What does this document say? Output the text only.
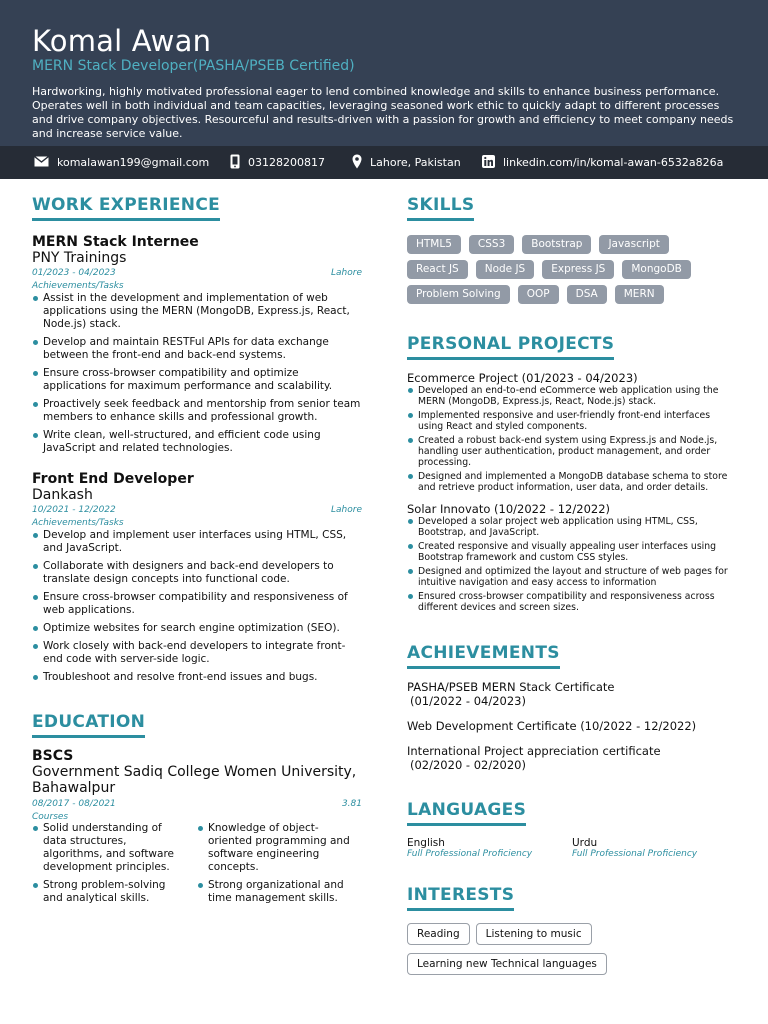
Komal Awan
MERN Stack Developer(PASHA/PSEB Certified)
Hardworking, highly motivated professional eager to lend combined knowledge and skills to enhance business performance. Operates well in both individual and team capacities, leveraging seasoned work ethic to quickly adapt to different processes and drive company objectives. Resourceful and results-driven with a passion for growth and efficiency to meet company needs and increase service value.
komalawan199@gmail.com	03128200817	Lahore, Pakistan	linkedin.com/in/komal-awan-6532a826a
WORK EXPERIENCE
MERN Stack Internee
PNY Trainings
01/2023 - 04/2023	Lahore
Achievements/Tasks
Assist in the development and implementation of web applications using the MERN (MongoDB, Express.js, React, Node.js) stack.
Develop and maintain RESTFul APIs for data exchange between the front-end and back-end systems.
Ensure cross-browser compatibility and optimize applications for maximum performance and scalability.
Proactively seek feedback and mentorship from senior team members to enhance skills and professional growth.
Write clean, well-structured, and efficient code using JavaScript and related technologies.
Front End Developer
Dankash
10/2021 - 12/2022	Lahore
Achievements/Tasks
Develop and implement user interfaces using HTML, CSS, and JavaScript.
Collaborate with designers and back-end developers to translate design concepts into functional code.
Ensure cross-browser compatibility and responsiveness of web applications.
Optimize websites for search engine optimization (SEO).
Work closely with back-end developers to integrate front-end code with server-side logic.
Troubleshoot and resolve front-end issues and bugs.
EDUCATION
BSCS
Government Sadiq College Women University, Bahawalpur
08/2017 - 08/2021	3.81
Courses
Solid understanding of data structures, algorithms, and software development principles.
Strong problem-solving and analytical skills.
Knowledge of object-oriented programming and software engineering concepts.
Strong organizational and time management skills.
SKILLS
HTML5	CSS3	Bootstrap	Javascript
React JS	Node JS	Express JS	MongoDB
Problem Solving	OOP	DSA	MERN
PERSONAL PROJECTS
Ecommerce Project (01/2023 - 04/2023)
Developed an end-to-end eCommerce web application using the MERN (MongoDB, Express.js, React, Node.js) stack.
Implemented responsive and user-friendly front-end interfaces using React and styled components.
Created a robust back-end system using Express.js and Node.js, handling user authentication, product management, and order processing.
Designed and implemented a MongoDB database schema to store and retrieve product information, user data, and order details.
Solar Innovato (10/2022 - 12/2022)
Developed a solar project web application using HTML, CSS, Bootstrap, and JavaScript.
Created responsive and visually appealing user interfaces using Bootstrap framework and custom CSS styles.
Designed and optimized the layout and structure of web pages for intuitive navigation and easy access to information
Ensured cross-browser compatibility and responsiveness across different devices and screen sizes.
ACHIEVEMENTS
PASHA/PSEB MERN Stack Certificate
(01/2022 - 04/2023)
Web Development Certificate (10/2022 - 12/2022)
International Project appreciation certificate
(02/2020 - 02/2020)
LANGUAGES
English
Full Professional Proficiency
Urdu
Full Professional Proficiency
INTERESTS
Reading	Listening to music
Learning new Technical languages
